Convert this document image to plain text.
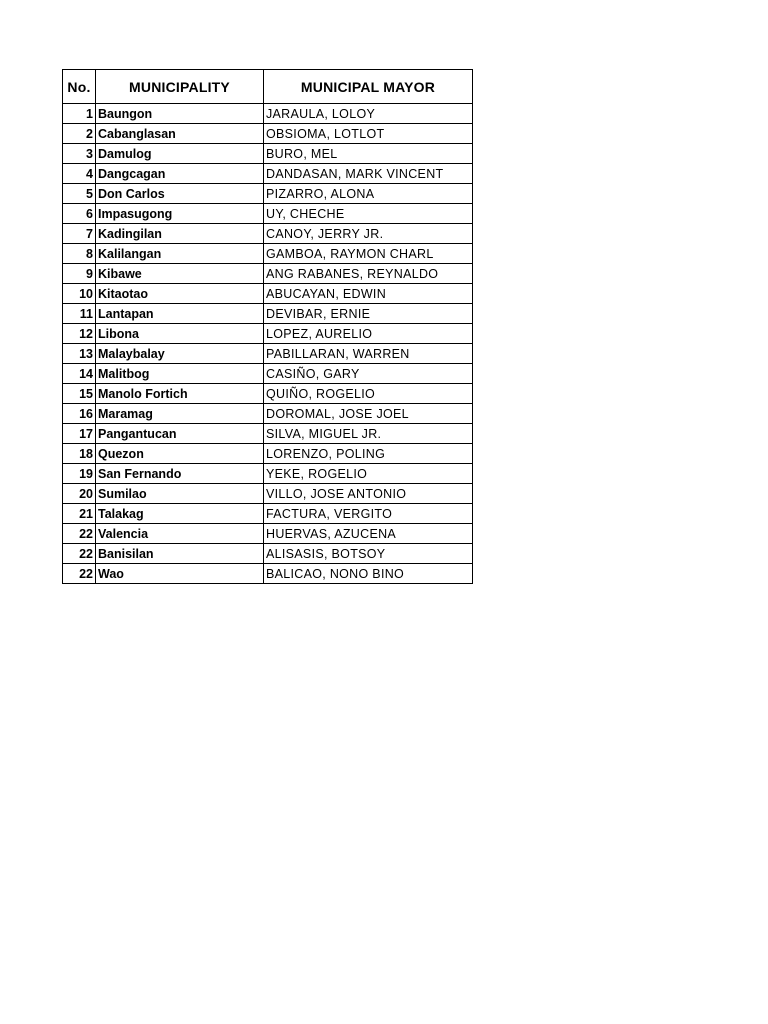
No.	MUNICIPALITY	MUNICIPAL MAYOR
1	Baungon	JARAULA, LOLOY
2	Cabanglasan	OBSIOMA, LOTLOT
3	Damulog	BURO, MEL
4	Dangcagan	DANDASAN, MARK VINCENT
5	Don Carlos	PIZARRO, ALONA
6	Impasugong	UY, CHECHE
7	Kadingilan	CANOY, JERRY JR.
8	Kalilangan	GAMBOA, RAYMON CHARL
9	Kibawe	ANG RABANES, REYNALDO
10	Kitaotao	ABUCAYAN, EDWIN
11	Lantapan	DEVIBAR, ERNIE
12	Libona	LOPEZ, AURELIO
13	Malaybalay	PABILLARAN, WARREN
14	Malitbog	CASIÑO, GARY
15	Manolo Fortich	QUIÑO, ROGELIO
16	Maramag	DOROMAL, JOSE JOEL
17	Pangantucan	SILVA, MIGUEL JR.
18	Quezon	LORENZO, POLING
19	San Fernando	YEKE, ROGELIO
20	Sumilao	VILLO, JOSE ANTONIO
21	Talakag	FACTURA, VERGITO
22	Valencia	HUERVAS, AZUCENA
22	Banisilan	ALISASIS, BOTSOY
22	Wao	BALICAO, NONO BINO
